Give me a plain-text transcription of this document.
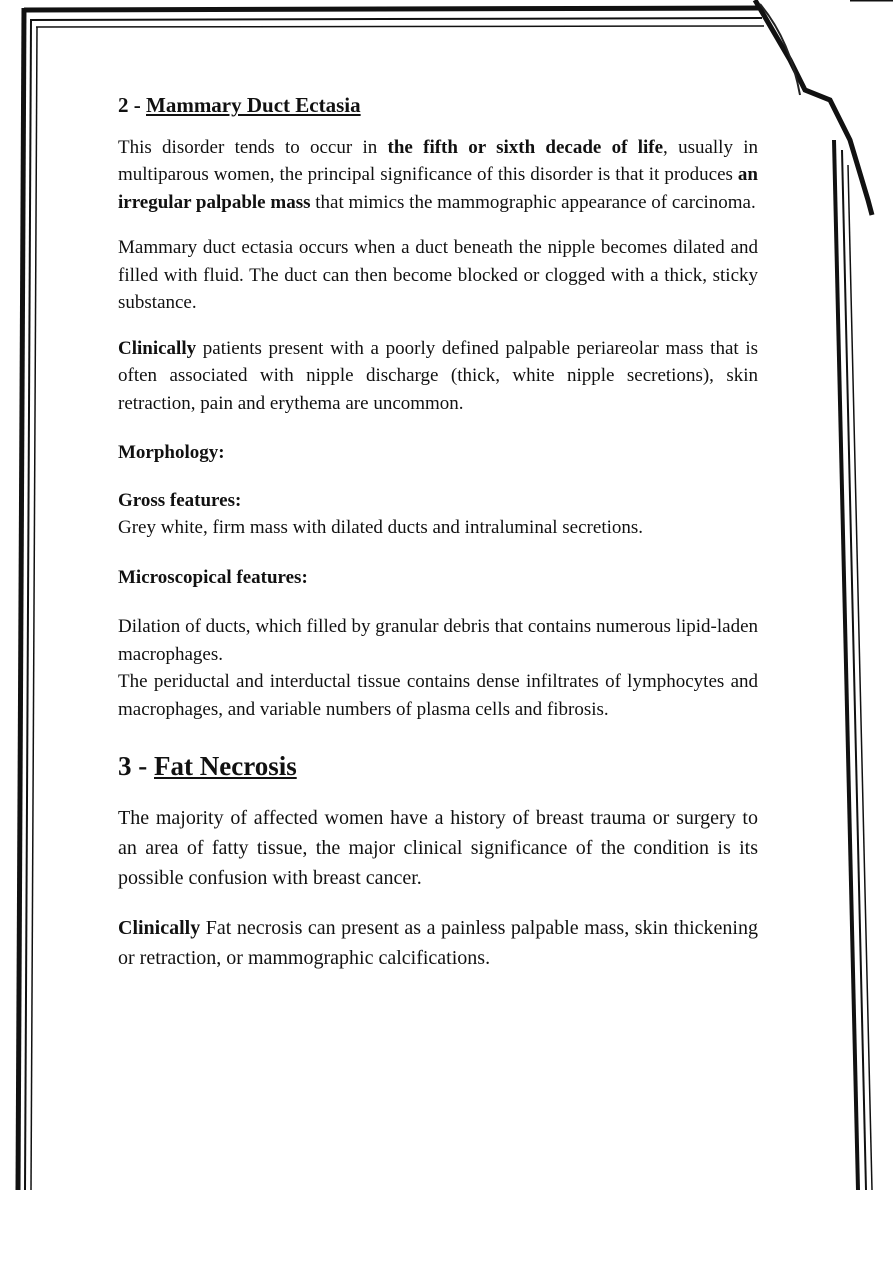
2 - Mammary Duct Ectasia

This disorder tends to occur in the fifth or sixth decade of life, usually in multiparous women, the principal significance of this disorder is that it produces an irregular palpable mass that mimics the mammographic appearance of carcinoma.

Mammary duct ectasia occurs when a duct beneath the nipple becomes dilated and filled with fluid. The duct can then become blocked or clogged with a thick, sticky substance.

Clinically patients present with a poorly defined palpable periareolar mass that is often associated with nipple discharge (thick, white nipple secretions), skin retraction, pain and erythema are uncommon.

Morphology:
Gross features:

Grey white, firm mass with dilated ducts and intraluminal secretions.

Microscopical features:

Dilation of ducts, which filled by granular debris that contains numerous lipid-laden macrophages.

The periductal and interductal tissue contains dense infiltrates of lymphocytes and macrophages, and variable numbers of plasma cells and fibrosis.

3 - Fat Necrosis

The majority of affected women have a history of breast trauma or surgery to an area of fatty tissue, the major clinical significance of the condition is its possible confusion with breast cancer.

Clinically Fat necrosis can present as a painless palpable mass, skin thickening or retraction, or mammographic calcifications.
